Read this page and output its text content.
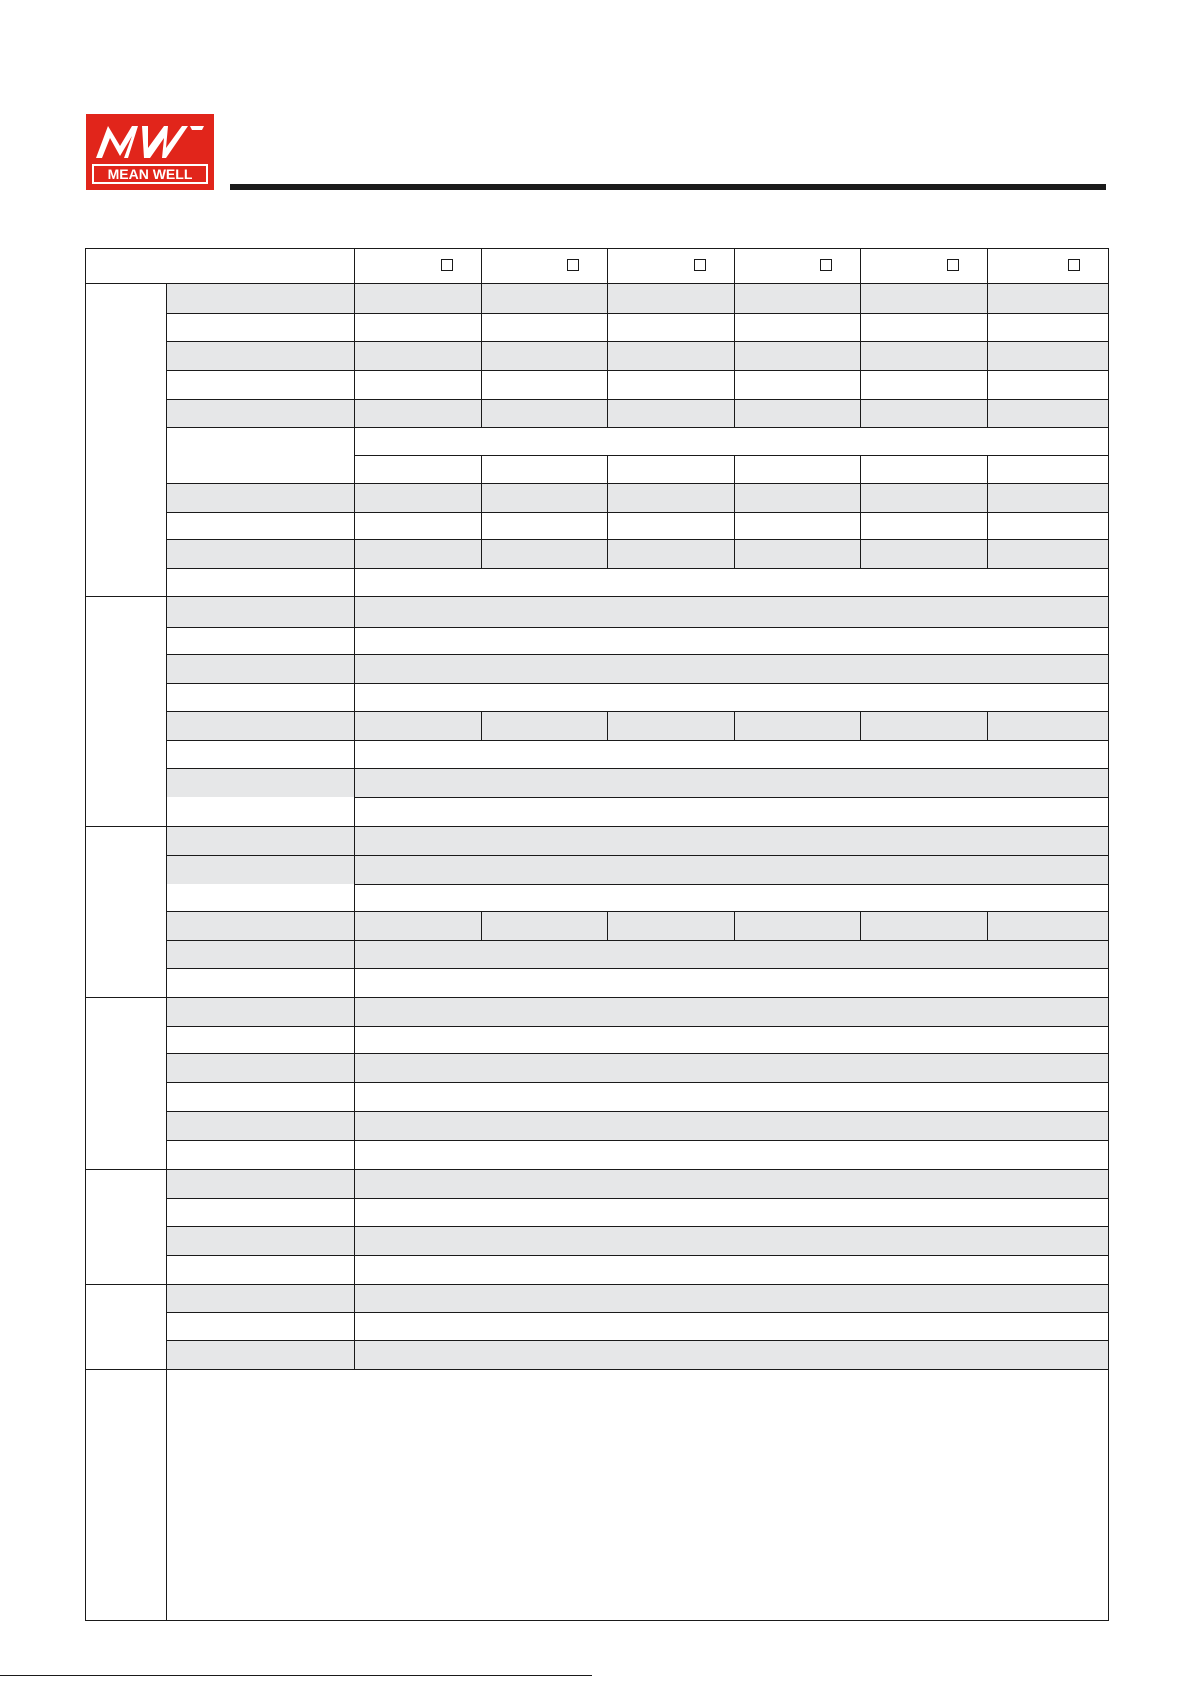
MEAN WELL
